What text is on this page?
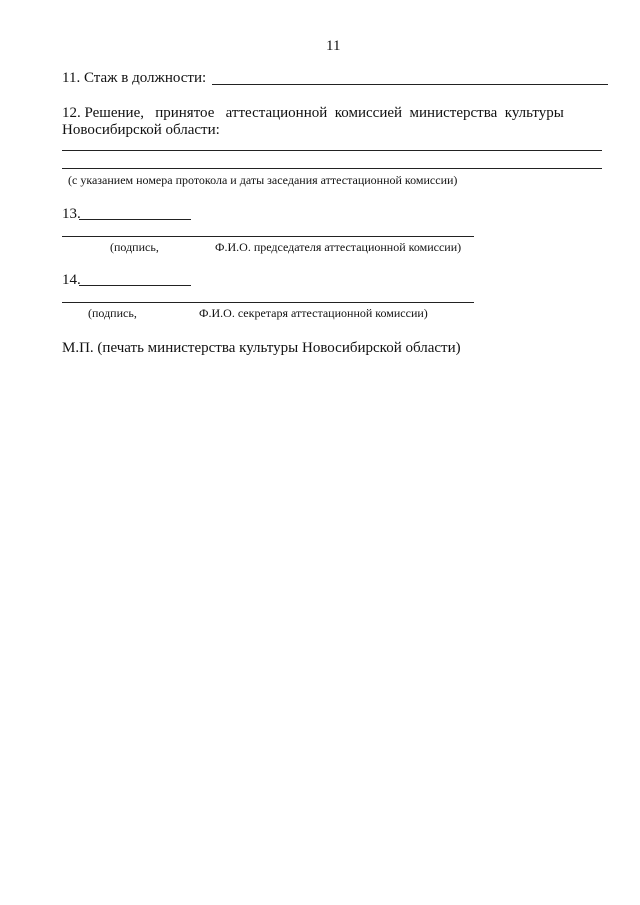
11
11. Стаж в должности:
12. Решение,   принятое   аттестационной  комиссией  министерства  культуры
Новосибирской области:
(с указанием номера протокола и даты заседания аттестационной комиссии)
13.
(подпись,	Ф.И.О. председателя аттестационной комиссии)
14.
(подпись,	Ф.И.О. секретаря аттестационной комиссии)
М.П. (печать министерства культуры Новосибирской области)
